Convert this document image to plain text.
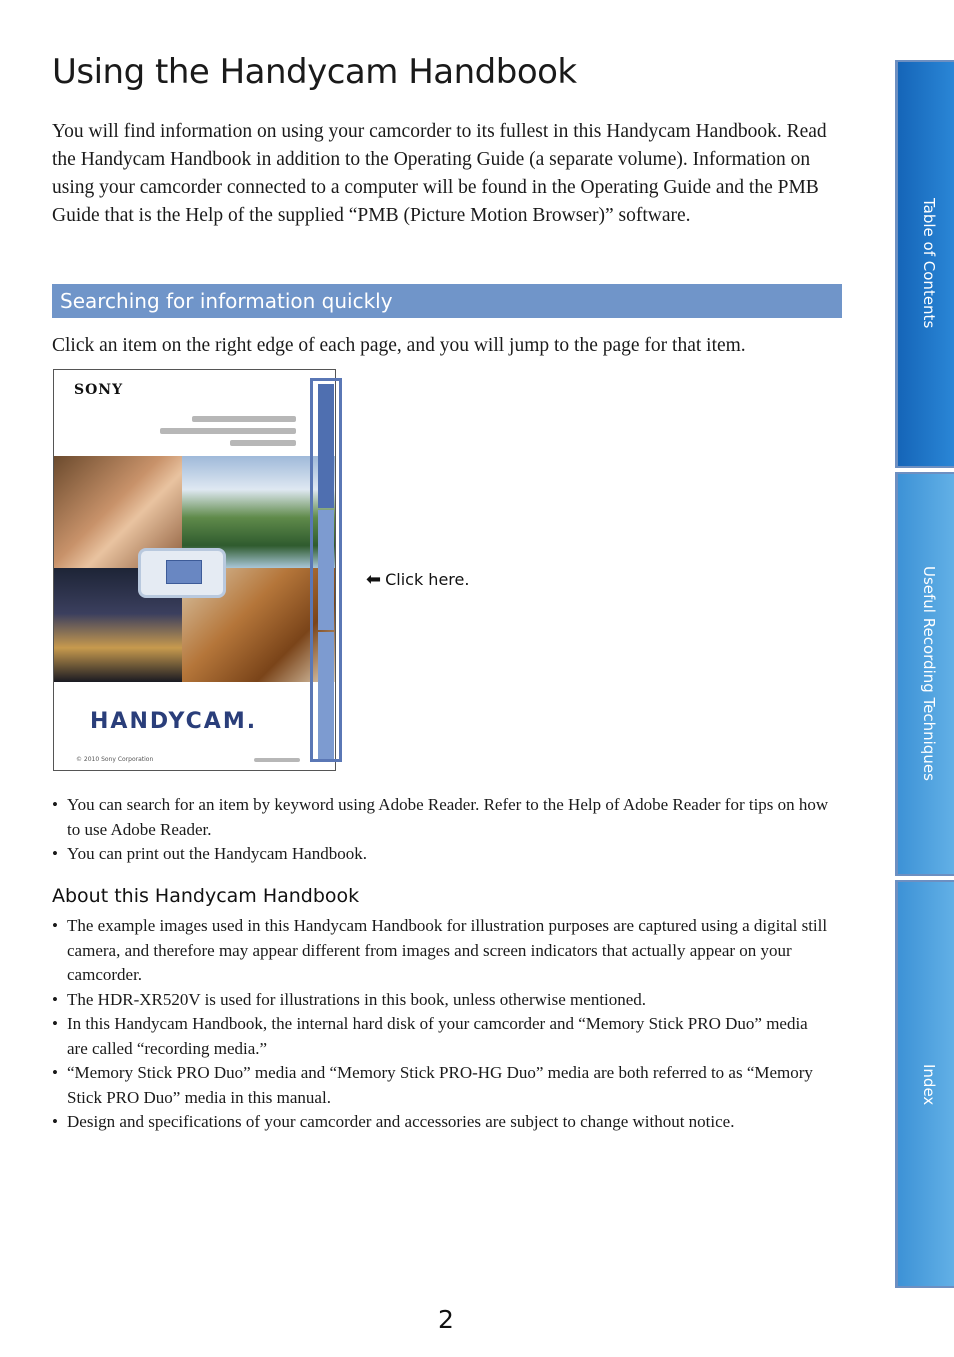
Using the Handycam Handbook

You will find information on using your camcorder to its fullest in this Handycam Handbook. Read the Handycam Handbook in addition to the Operating Guide (a separate volume). Information on using your camcorder connected to a computer will be found in the Operating Guide and the PMB Guide that is the Help of the supplied “PMB (Picture Motion Browser)” software.

Searching for information quickly

Click an item on the right edge of each page, and you will jump to the page for that item.

SONY
HANDYCAM.
© 2010 Sony Corporation
⬅ Click here.
• You can search for an item by keyword using Adobe Reader. Refer to the Help of Adobe Reader for tips on how to use Adobe Reader.
• You can print out the Handycam Handbook.
About this Handycam Handbook
• The example images used in this Handycam Handbook for illustration purposes are captured using a digital still camera, and therefore may appear different from images and screen indicators that actually appear on your camcorder.
• The HDR-XR520V is used for illustrations in this book, unless otherwise mentioned.
• In this Handycam Handbook, the internal hard disk of your camcorder and “Memory Stick PRO Duo” media are called “recording media.”
• “Memory Stick PRO Duo” media and “Memory Stick PRO-HG Duo” media are both referred to as “Memory Stick PRO Duo” media in this manual.
• Design and specifications of your camcorder and accessories are subject to change without notice.
2
Table of Contents
Useful Recording Techniques
Index
